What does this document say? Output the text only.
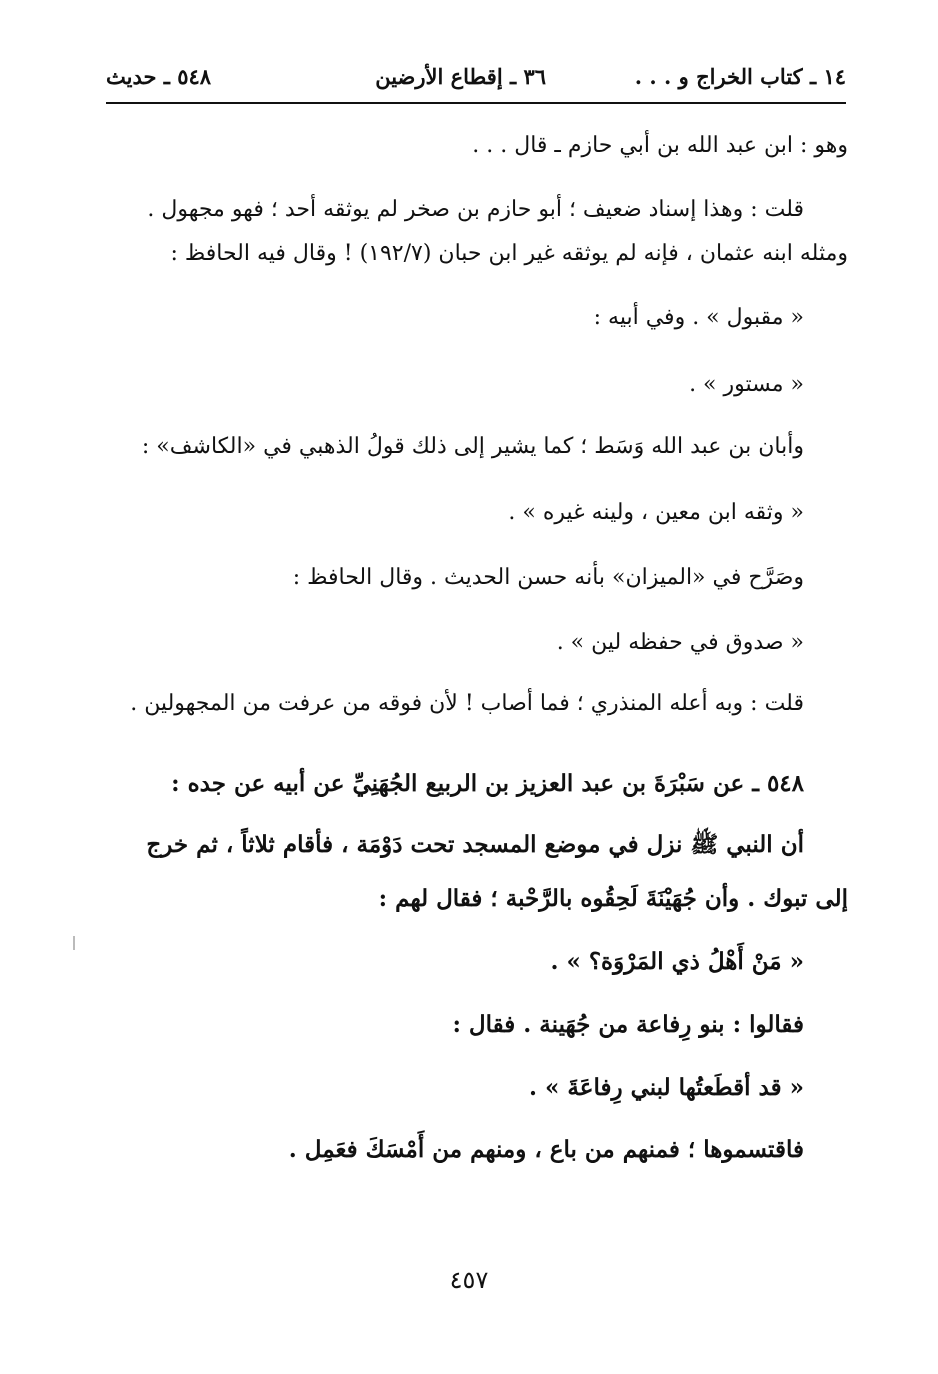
١٤ ـ كتاب الخراج و . . .
٣٦ ـ إقطاع الأرضين
٥٤٨ ـ حديث
وهو : ابن عبد الله بن أبي حازم ـ قال . . .
قلت : وهذا إسناد ضعيف ؛ أبو حازم بن صخر لم يوثقه أحد ؛ فهو مجهول .
ومثله ابنه عثمان ، فإنه لم يوثقه غير ابن حبان (١٩٢/٧) ! وقال فيه الحافظ :
« مقبول » . وفي أبيه :
« مستور » .
وأبان بن عبد الله وَسَط ؛ كما يشير إلى ذلك قولُ الذهبي في «الكاشف» :
« وثقه ابن معين ، ولينه غيره » .
وصَرَّح في «الميزان» بأنه حسن الحديث . وقال الحافظ :
« صدوق في حفظه لين » .
قلت : وبه أعله المنذري ؛ فما أصاب ! لأن فوقه من عرفت من المجهولين .
٥٤٨ ـ عن سَبْرَةَ بن عبد العزيز بن الربيع الجُهَنِيِّ عن أبيه عن جده :
أن النبي ﷺ نزل في موضع المسجد تحت دَوْمَة ، فأقام ثلاثاً ، ثم خرج
إلى تبوك . وأن جُهَيْنَةَ لَحِقُوه بالرَّحْبة ؛ فقال لهم :
« مَنْ أَهْلُ ذي المَرْوَة؟ » .
فقالوا : بنو رِفاعة من جُهَينة . فقال :
« قد أقطَعتُها لبني رِفاعَةَ » .
فاقتسموها ؛ فمنهم من باع ، ومنهم من أَمْسَكَ فعَمِل .
٤٥٧
